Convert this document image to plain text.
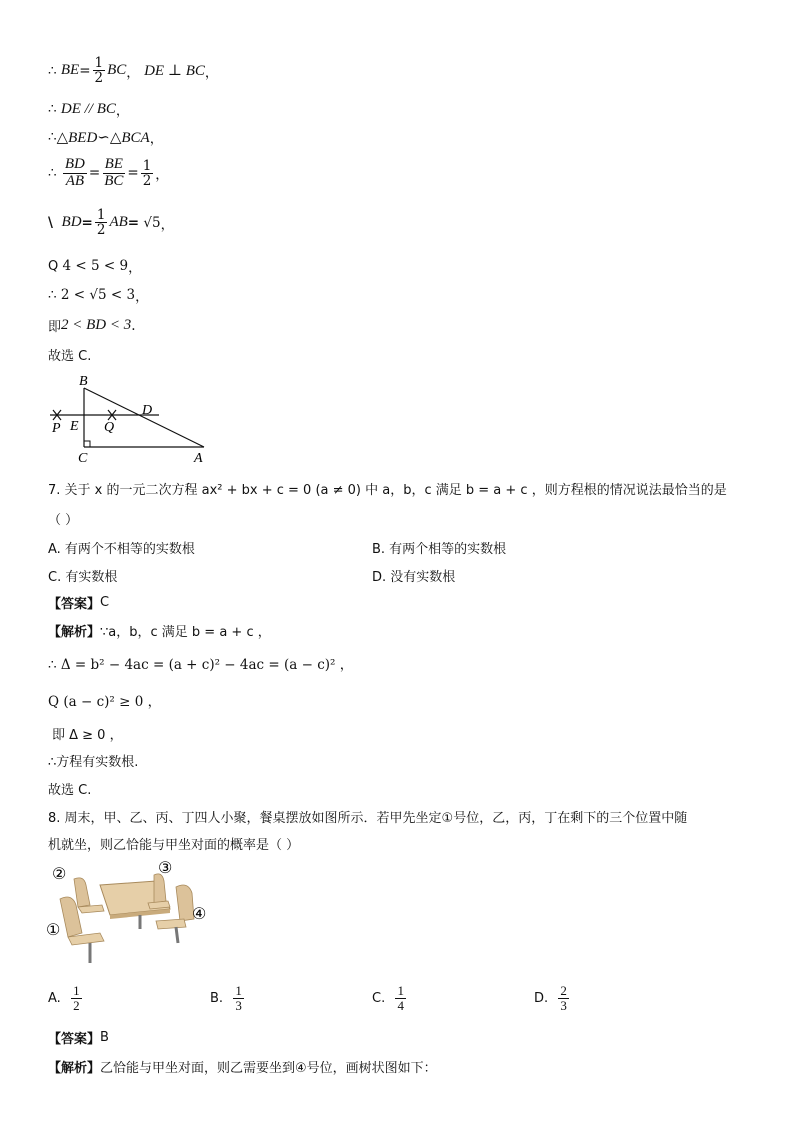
∴
BE = $\frac{1}{2}$ BC ，
DE ⊥ BC ，
∴
DE // BC ，
∴ △BED∽△BCA ，
∴
$\frac{BD}{AB} = \frac{BE}{BC} = \frac{1}{2}$ ，
\
BD = $\frac{1}{2}$ AB =
√5 ，
Q
4 < 5 < 9 ，
∴
2 < √5 < 3 ，
即 2 < BD < 3 .
故选 C.
B
D
P E Q
C	A
7. 关于 x 的一元二次方程 ax² + bx + c = 0 (a ≠ 0) 中 a，b，c 满足 b = a + c ，则方程根的情况说法最恰当的是
（ ）
A. 有两个不相等的实数根	B. 有两个相等的实数根
C. 有实数根	D. 没有实数根
【答案】 C
【解析】 ∵a，b，c 满足 b = a + c ，
∴ Δ = b² − 4ac = (a + c)² − 4ac = (a − c)² ，
Q (a − c)² ≥ 0 ，
即 Δ ≥ 0 ，
∴方程有实数根.
故选 C.
8. 周末，甲、乙、丙、丁四人小聚，餐桌摆放如图所示．若甲先坐定①号位，乙，丙，丁在剩下的三个位置中随
机就坐，则乙恰能与甲坐对面的概率是（ ）
②	③
①
④
A.
$\frac{1}{2}$	B.
$\frac{1}{3}$	C.
$\frac{1}{4}$	D.
$\frac{2}{3}$
【答案】 B
【解析】 乙恰能与甲坐对面，则乙需要坐到④号位，画树状图如下：
